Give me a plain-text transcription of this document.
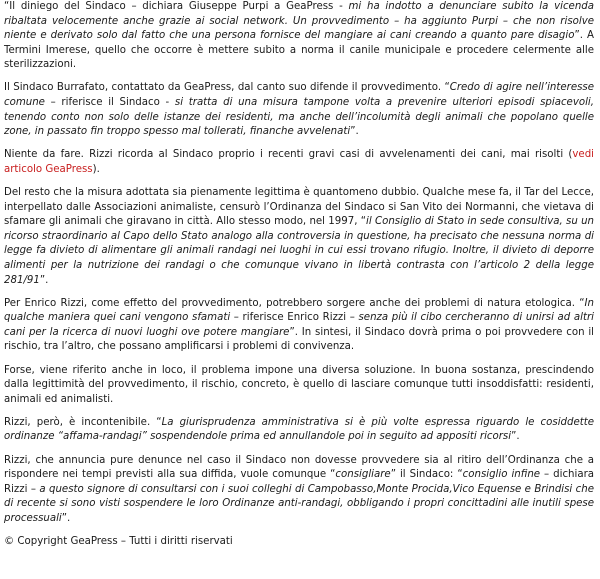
“Il diniego del Sindaco – dichiara Giuseppe Purpi a GeaPress - mi ha indotto a denunciare subito la vicenda ribaltata velocemente anche grazie ai social network. Un provvedimento – ha aggiunto Purpi – che non risolve niente e derivato solo dal fatto che una persona fornisce del mangiare ai cani creando a quanto pare disagio”. A Termini Imerese, quello che occorre è mettere subito a norma il canile municipale e procedere celermente alle sterilizzazioni.

Il Sindaco Burrafato, contattato da GeaPress, dal canto suo difende il provvedimento. “Credo di agire nell’interesse comune – riferisce il Sindaco - si tratta di una misura tampone volta a prevenire ulteriori episodi spiacevoli, tenendo conto non solo delle istanze dei residenti, ma anche dell’incolumità degli animali che popolano quelle zone, in passato fin troppo spesso mal tollerati, finanche avvelenati”.

Niente da fare. Rizzi ricorda al Sindaco proprio i recenti gravi casi di avvelenamenti dei cani, mai risolti (vedi articolo GeaPress).

Del resto che la misura adottata sia pienamente legittima è quantomeno dubbio. Qualche mese fa, il Tar del Lecce, interpellato dalle Associazioni animaliste, censurò l’Ordinanza del Sindaco si San Vito dei Normanni, che vietava di sfamare gli animali che giravano in città. Allo stesso modo, nel 1997, “il Consiglio di Stato in sede consultiva, su un ricorso straordinario al Capo dello Stato analogo alla controversia in questione, ha precisato che nessuna norma di legge fa divieto di alimentare gli animali randagi nei luoghi in cui essi trovano rifugio. Inoltre, il divieto di deporre alimenti per la nutrizione dei randagi o che comunque vivano in libertà contrasta con l’articolo 2 della legge 281/91”.

Per Enrico Rizzi, come effetto del provvedimento, potrebbero sorgere anche dei problemi di natura etologica. “In qualche maniera quei cani vengono sfamati – riferisce Enrico Rizzi – senza più il cibo cercheranno di unirsi ad altri cani per la ricerca di nuovi luoghi ove potere mangiare”. In sintesi, il Sindaco dovrà prima o poi provvedere con il rischio, tra l’altro, che possano amplificarsi i problemi di convivenza.

Forse, viene riferito anche in loco, il problema impone una diversa soluzione. In buona sostanza, prescindendo dalla legittimità del provvedimento, il rischio, concreto, è quello di lasciare comunque tutti insoddisfatti: residenti, animali ed animalisti.

Rizzi, però, è incontenibile. “La giurisprudenza amministrativa si è più volte espressa riguardo le cosiddette ordinanze “affama-randagi” sospendendole prima ed annullandole poi in seguito ad appositi ricorsi”.

Rizzi, che annuncia pure denunce nel caso il Sindaco non dovesse provvedere sia al ritiro dell’Ordinanza che a rispondere nei tempi previsti alla sua diffida, vuole comunque “consigliare” il Sindaco: “consiglio infine – dichiara Rizzi – a questo signore di consultarsi con i suoi colleghi di Campobasso,Monte Procida,Vico Equense e Brindisi che di recente si sono visti sospendere le loro Ordinanze anti-randagi, obbligando i propri concittadini alle inutili spese processuali”.

© Copyright GeaPress – Tutti i diritti riservati
